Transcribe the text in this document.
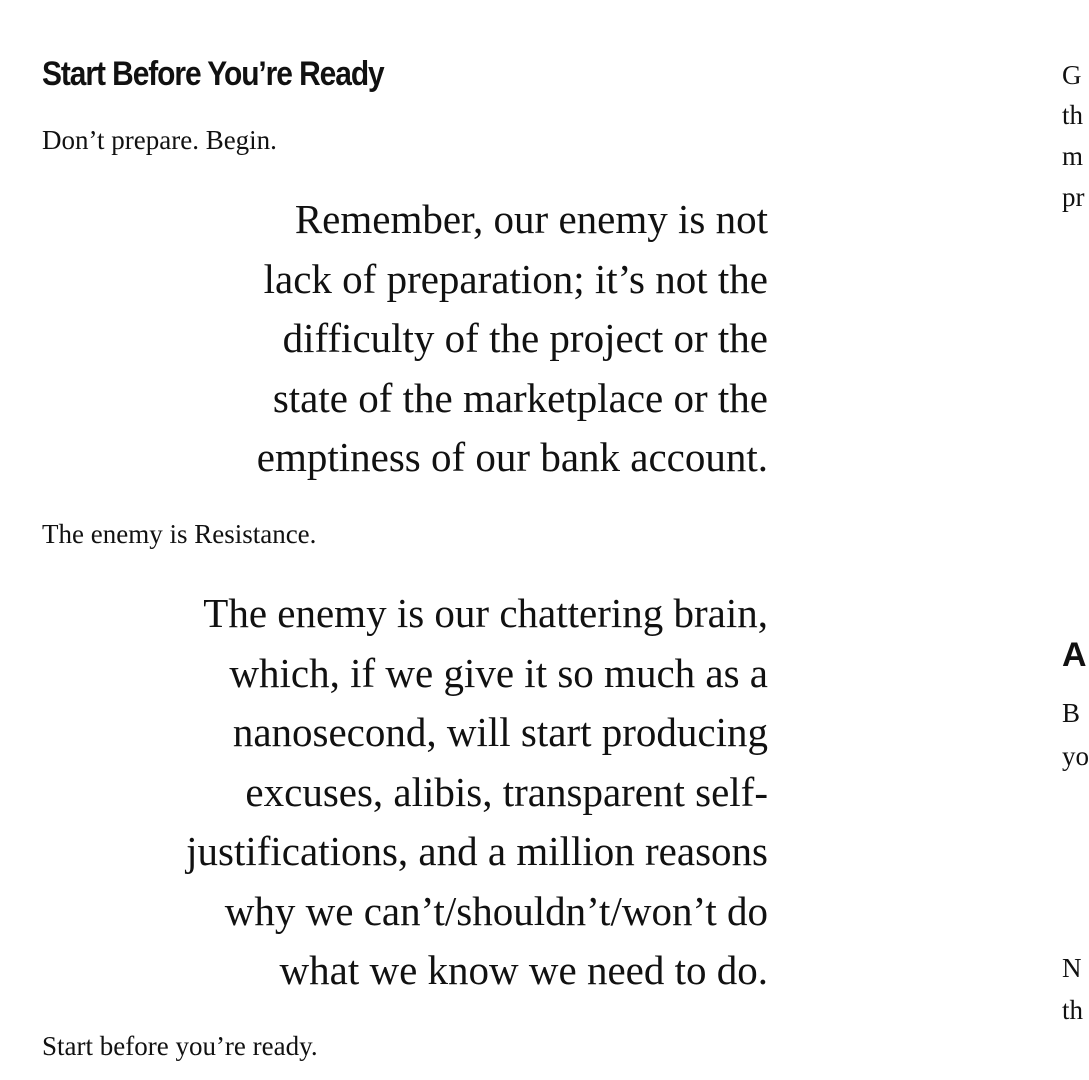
Start Before You’re Ready

Don’t prepare. Begin.

Remember, our enemy is not
lack of preparation; it’s not the
difficulty of the project or the
state of the marketplace or the
emptiness of our bank account.

The enemy is Resistance.

The enemy is our chattering brain,
which, if we give it so much as a
nanosecond, will start producing
excuses, alibis, transparent self-
justifications, and a million reasons
why we can’t/shouldn’t/won’t do
what we know we need to do.

Start before you’re ready.

G

th

m

pr

A

B

yo

N

th
